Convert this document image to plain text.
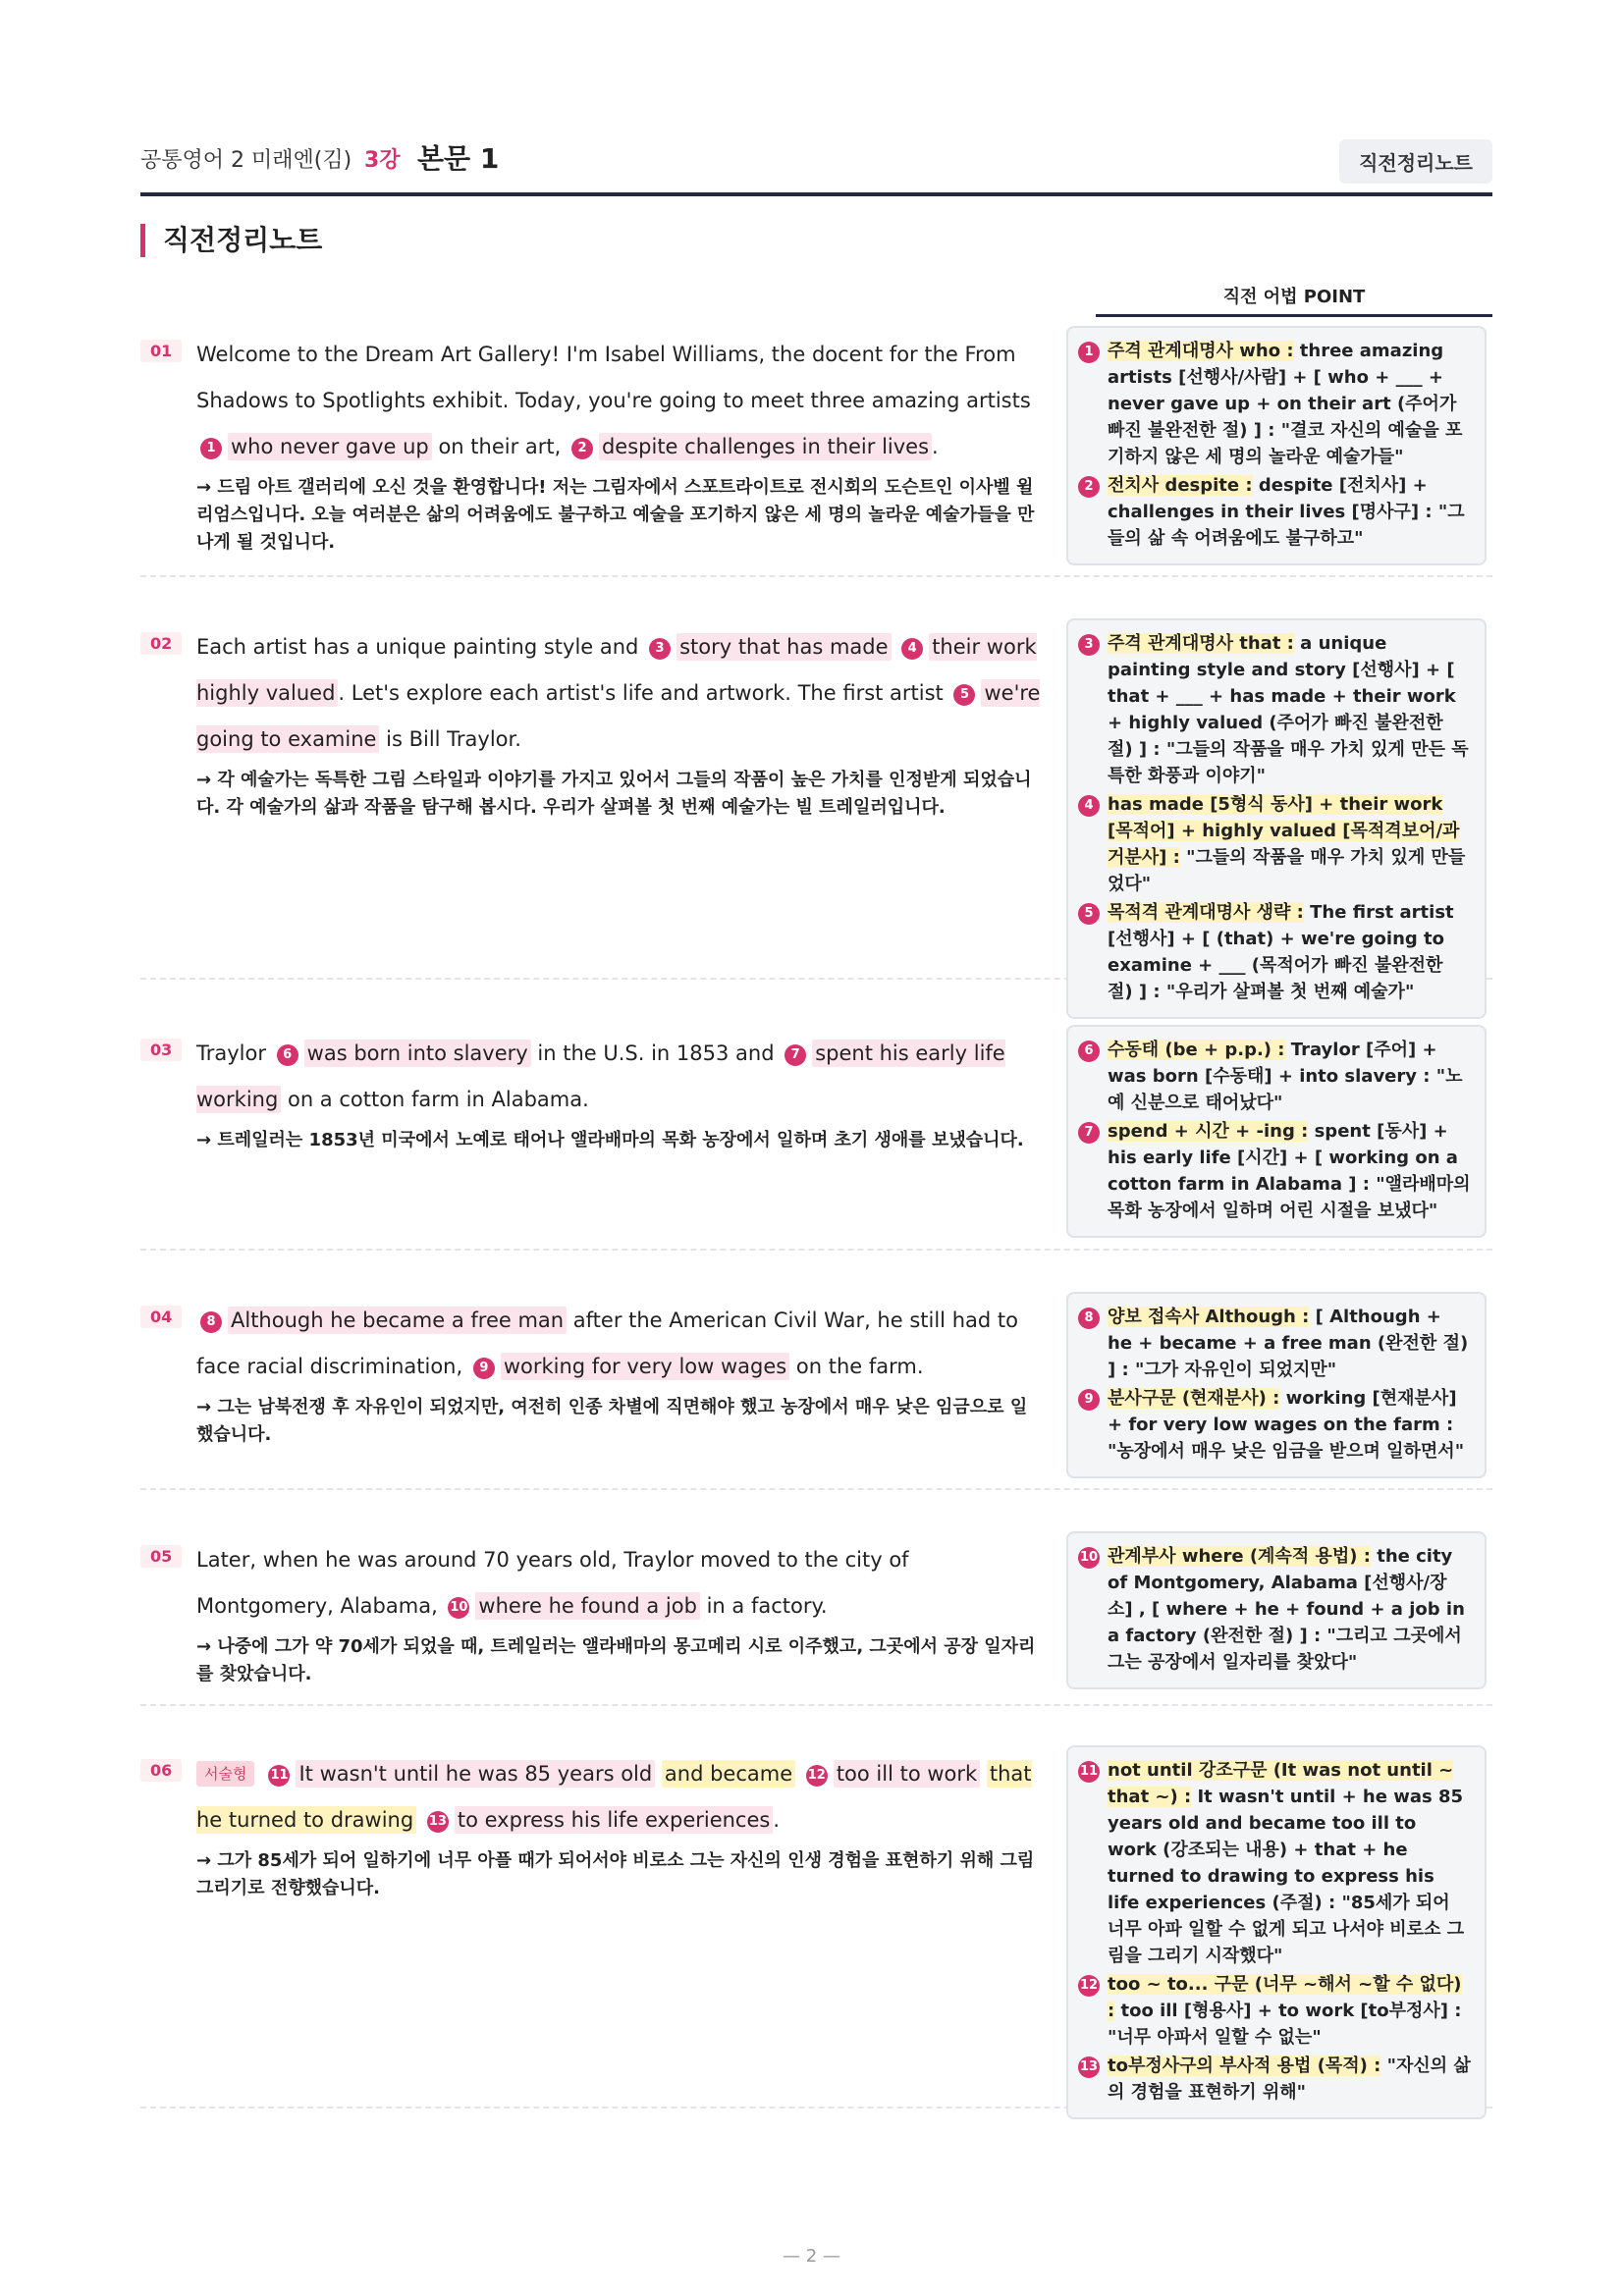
공통영어 2 미래엔(김) 3강 본문 1	직전정리노트
직전정리노트
직전 어법 POINT
01	Welcome to the Dream Art Gallery! I'm Isabel Williams, the docent for the From Shadows to Spotlights exhibit. Today, you're going to meet three amazing artists 1 who never gave up on their art, 2 despite challenges in their lives .
→ 드림 아트 갤러리에 오신 것을 환영합니다! 저는 그림자에서 스포트라이트로 전시회의 도슨트인 이사벨 윌리엄스입니다. 오늘 여러분은 삶의 어려움에도 불구하고 예술을 포기하지 않은 세 명의 놀라운 예술가들을 만나게 될 것입니다.
1 주격 관계대명사 who : three amazing artists [선행사/사람] + [ who + ___ + never gave up + on their art (주어가 빠진 불완전한 절) ] : "결코 자신의 예술을 포기하지 않은 세 명의 놀라운 예술가들"
2 전치사 despite : despite [전치사] + challenges in their lives [명사구] : "그들의 삶 속 어려움에도 불구하고"
02	Each artist has a unique painting style and 3 story that has made 4 their work highly valued . Let's explore each artist's life and artwork. The first artist 5 we're going to examine is Bill Traylor.
→ 각 예술가는 독특한 그림 스타일과 이야기를 가지고 있어서 그들의 작품이 높은 가치를 인정받게 되었습니다. 각 예술가의 삶과 작품을 탐구해 봅시다. 우리가 살펴볼 첫 번째 예술가는 빌 트레일러입니다.
3 주격 관계대명사 that : a unique painting style and story [선행사] + [ that + ___ + has made + their work + highly valued (주어가 빠진 불완전한 절) ] : "그들의 작품을 매우 가치 있게 만든 독특한 화풍과 이야기"
4 has made [5형식 동사] + their work [목적어] + highly valued [목적격보어/과거분사] : "그들의 작품을 매우 가치 있게 만들었다"
5 목적격 관계대명사 생략 : The first artist [선행사] + [ (that) + we're going to examine + ___ (목적어가 빠진 불완전한 절) ] : "우리가 살펴볼 첫 번째 예술가"
03	Traylor 6 was born into slavery in the U.S. in 1853 and 7 spent his early life working on a cotton farm in Alabama.
→ 트레일러는 1853년 미국에서 노예로 태어나 앨라배마의 목화 농장에서 일하며 초기 생애를 보냈습니다.
6 수동태 (be + p.p.) : Traylor [주어] + was born [수동태] + into slavery : "노예 신분으로 태어났다"
7 spend + 시간 + -ing : spent [동사] + his early life [시간] + [ working on a cotton farm in Alabama ] : "앨라배마의 목화 농장에서 일하며 어린 시절을 보냈다"
04	8 Although he became a free man after the American Civil War, he still had to face racial discrimination, 9 working for very low wages on the farm.
→ 그는 남북전쟁 후 자유인이 되었지만, 여전히 인종 차별에 직면해야 했고 농장에서 매우 낮은 임금으로 일했습니다.
8 양보 접속사 Although : [ Although + he + became + a free man (완전한 절) ] : "그가 자유인이 되었지만"
9 분사구문 (현재분사) : working [현재분사] + for very low wages on the farm : "농장에서 매우 낮은 임금을 받으며 일하면서"
05	Later, when he was around 70 years old, Traylor moved to the city of Montgomery, Alabama, 10 where he found a job in a factory.
→ 나중에 그가 약 70세가 되었을 때, 트레일러는 앨라배마의 몽고메리 시로 이주했고, 그곳에서 공장 일자리를 찾았습니다.
10 관계부사 where (계속적 용법) : the city of Montgomery, Alabama [선행사/장소] , [ where + he + found + a job in a factory (완전한 절) ] : "그리고 그곳에서 그는 공장에서 일자리를 찾았다"
06	서술형 11 It wasn't until he was 85 years old and became 12 too ill to work that he turned to drawing 13 to express his life experiences .
→ 그가 85세가 되어 일하기에 너무 아플 때가 되어서야 비로소 그는 자신의 인생 경험을 표현하기 위해 그림 그리기로 전향했습니다.
11 not until 강조구문 (It was not until ~ that ~) : It wasn't until + he was 85 years old and became too ill to work (강조되는 내용) + that + he turned to drawing to express his life experiences (주절) : "85세가 되어 너무 아파 일할 수 없게 되고 나서야 비로소 그림을 그리기 시작했다"
12 too ~ to... 구문 (너무 ~해서 ~할 수 없다) : too ill [형용사] + to work [to부정사] : "너무 아파서 일할 수 없는"
13 to부정사구의 부사적 용법 (목적) : "자신의 삶의 경험을 표현하기 위해"
— 2 —
